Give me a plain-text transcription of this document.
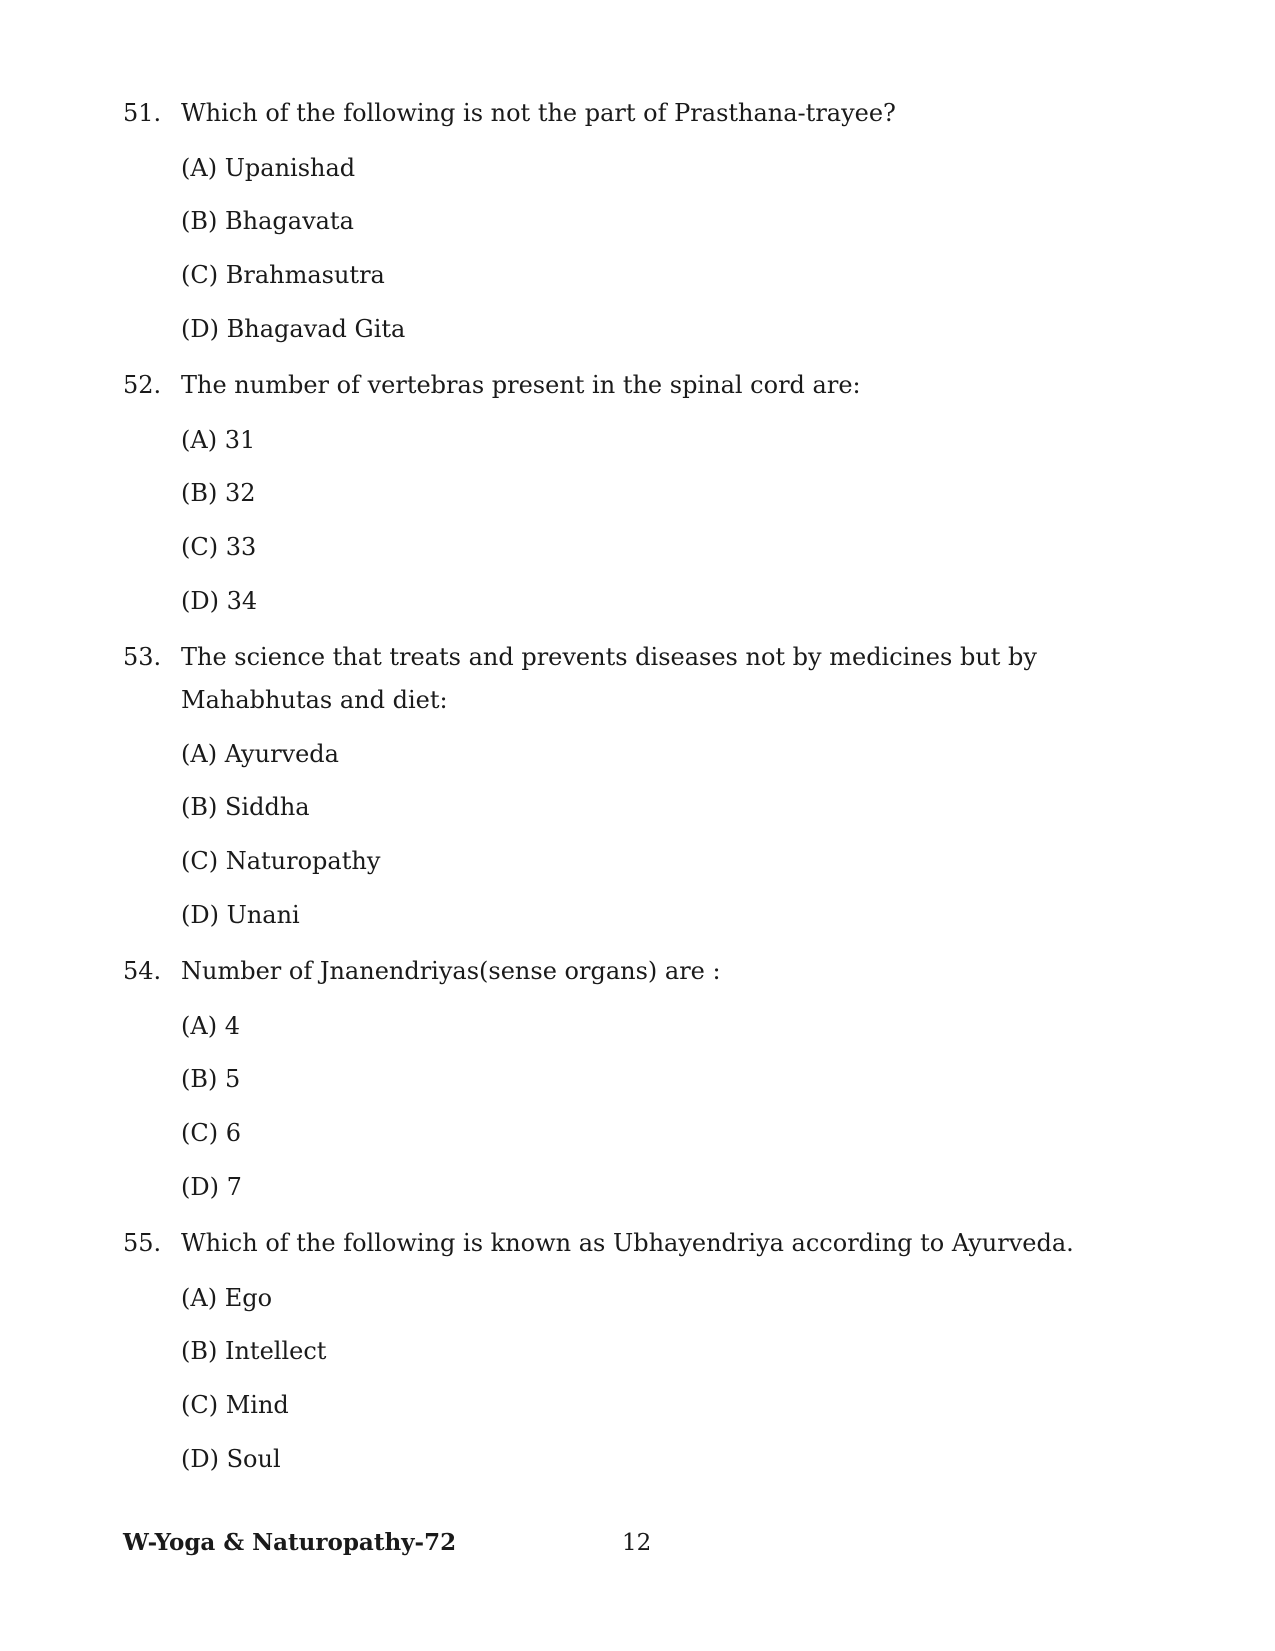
51. Which of the following is not the part of Prasthana-trayee?
(A) Upanishad
(B) Bhagavata
(C) Brahmasutra
(D) Bhagavad Gita
52. The number of vertebras present in the spinal cord are:
(A) 31
(B) 32
(C) 33
(D) 34
53. The science that treats and prevents diseases not by medicines but by Mahabhutas and diet:
(A) Ayurveda
(B) Siddha
(C) Naturopathy
(D) Unani
54. Number of Jnanendriyas(sense organs) are :
(A) 4
(B) 5
(C) 6
(D) 7
55. Which of the following is known as Ubhayendriya according to Ayurveda.
(A) Ego
(B) Intellect
(C) Mind
(D) Soul
W-Yoga & Naturopathy-72	12
